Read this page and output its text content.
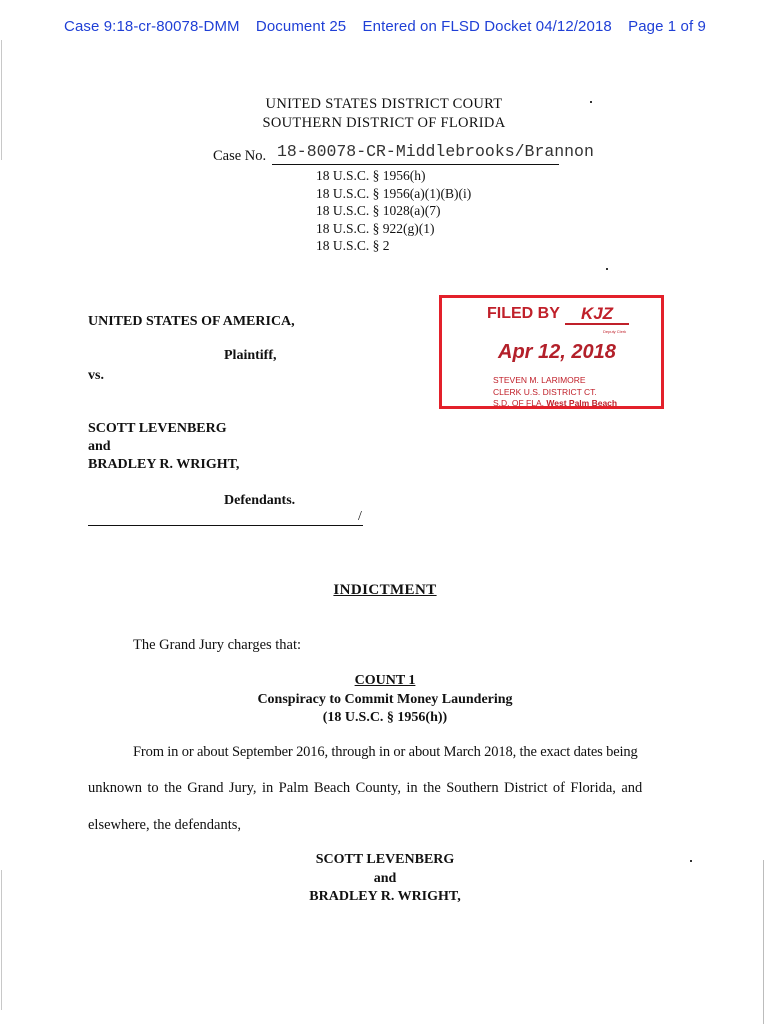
Case 9:18-cr-80078-DMM Document 25 Entered on FLSD Docket 04/12/2018 Page 1 of 9
UNITED STATES DISTRICT COURT
SOUTHERN DISTRICT OF FLORIDA
Case No. 18-80078-CR-Middlebrooks/Brannon
18 U.S.C. § 1956(h)
18 U.S.C. § 1956(a)(1)(B)(i)
18 U.S.C. § 1028(a)(7)
18 U.S.C. § 922(g)(1)
18 U.S.C. § 2
UNITED STATES OF AMERICA,
Plaintiff,
vs.
SCOTT LEVENBERG
and
BRADLEY R. WRIGHT,
Defendants.
/
FILED BY	KJZ
Deputy Clerk
Apr 12, 2018
STEVEN M. LARIMORE
CLERK U.S. DISTRICT CT.
S.D. OF FLA. West Palm Beach
INDICTMENT
The Grand Jury charges that:
COUNT 1
Conspiracy to Commit Money Laundering
(18 U.S.C. § 1956(h))
From in or about September 2016, through in or about March 2018, the exact dates being
unknown to the Grand Jury, in Palm Beach County, in the Southern District of Florida, and
elsewhere, the defendants,
SCOTT LEVENBERG
and
BRADLEY R. WRIGHT,
